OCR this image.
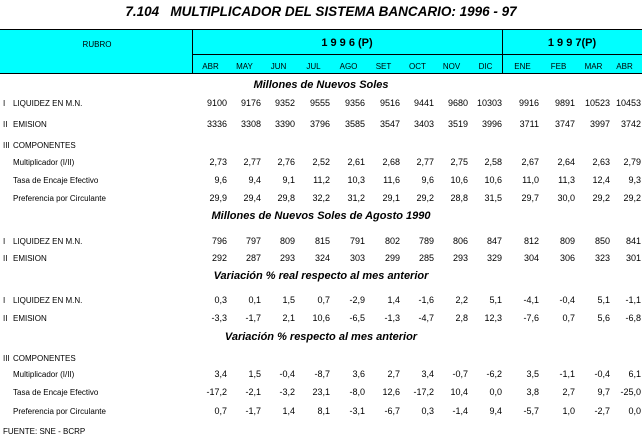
7.104   MULTIPLICADOR DEL SISTEMA BANCARIO: 1996 - 97
RUBRO	1 9 9 6 (P)	1 9 9 7(P)
ABR	MAY	JUN	JUL	AGO	SET	OCT	NOV	DIC	ENE	FEB	MAR	ABR
Millones de Nuevos Soles
Millones de Nuevos Soles de Agosto 1990
Variación % real respecto al mes anterior
Variación % respecto al mes anterior
I LIQUIDEZ EN M.N.	9100	9176	9352	9555	9356	9516	9441	9680 10303	9916	9891	10523 10453
II EMISION	3336	3308	3390	3796	3585	3547	3403	3519	3996	3711	3747	3997	3742
III COMPONENTES
Multiplicador (I/II)	2,73	2,77	2,76	2,52	2,61	2,68	2,77	2,75	2,58	2,67	2,64	2,63	2,79
Tasa de Encaje Efectivo	9,6	9,4	9,1	11,2	10,3	11,6	9,6	10,6	10,6	11,0	11,3	12,4	9,3
Preferencia por Circulante	29,9	29,4	29,8	32,2	31,2	29,1	29,2	28,8	31,5	29,7	30,0	29,2	29,2
I LIQUIDEZ EN M.N.	796	797	809	815	791	802	789	806	847	812	809	850	841
II EMISION	292	287	293	324	303	299	285	293	329	304	306	323	301
I LIQUIDEZ EN M.N.	0,3	0,1	1,5	0,7	-2,9	1,4	-1,6	2,2	5,1	-4,1	-0,4	5,1	-1,1
II EMISION	-3,3	-1,7	2,1	10,6	-6,5	-1,3	-4,7	2,8	12,3	-7,6	0,7	5,6	-6,8
III COMPONENTES
Multiplicador (I/II)	3,4	1,5	-0,4	-8,7	3,6	2,7	3,4	-0,7	-6,2	3,5	-1,1	-0,4	6,1
Tasa de Encaje Efectivo	-17,2	-2,1	-3,2	23,1	-8,0	12,6	-17,2	10,4	0,0	3,8	2,7	9,7	-25,0
Preferencia por Circulante	0,7	-1,7	1,4	8,1	-3,1	-6,7	0,3	-1,4	9,4	-5,7	1,0	-2,7	0,0
FUENTE: SNE - BCRP
